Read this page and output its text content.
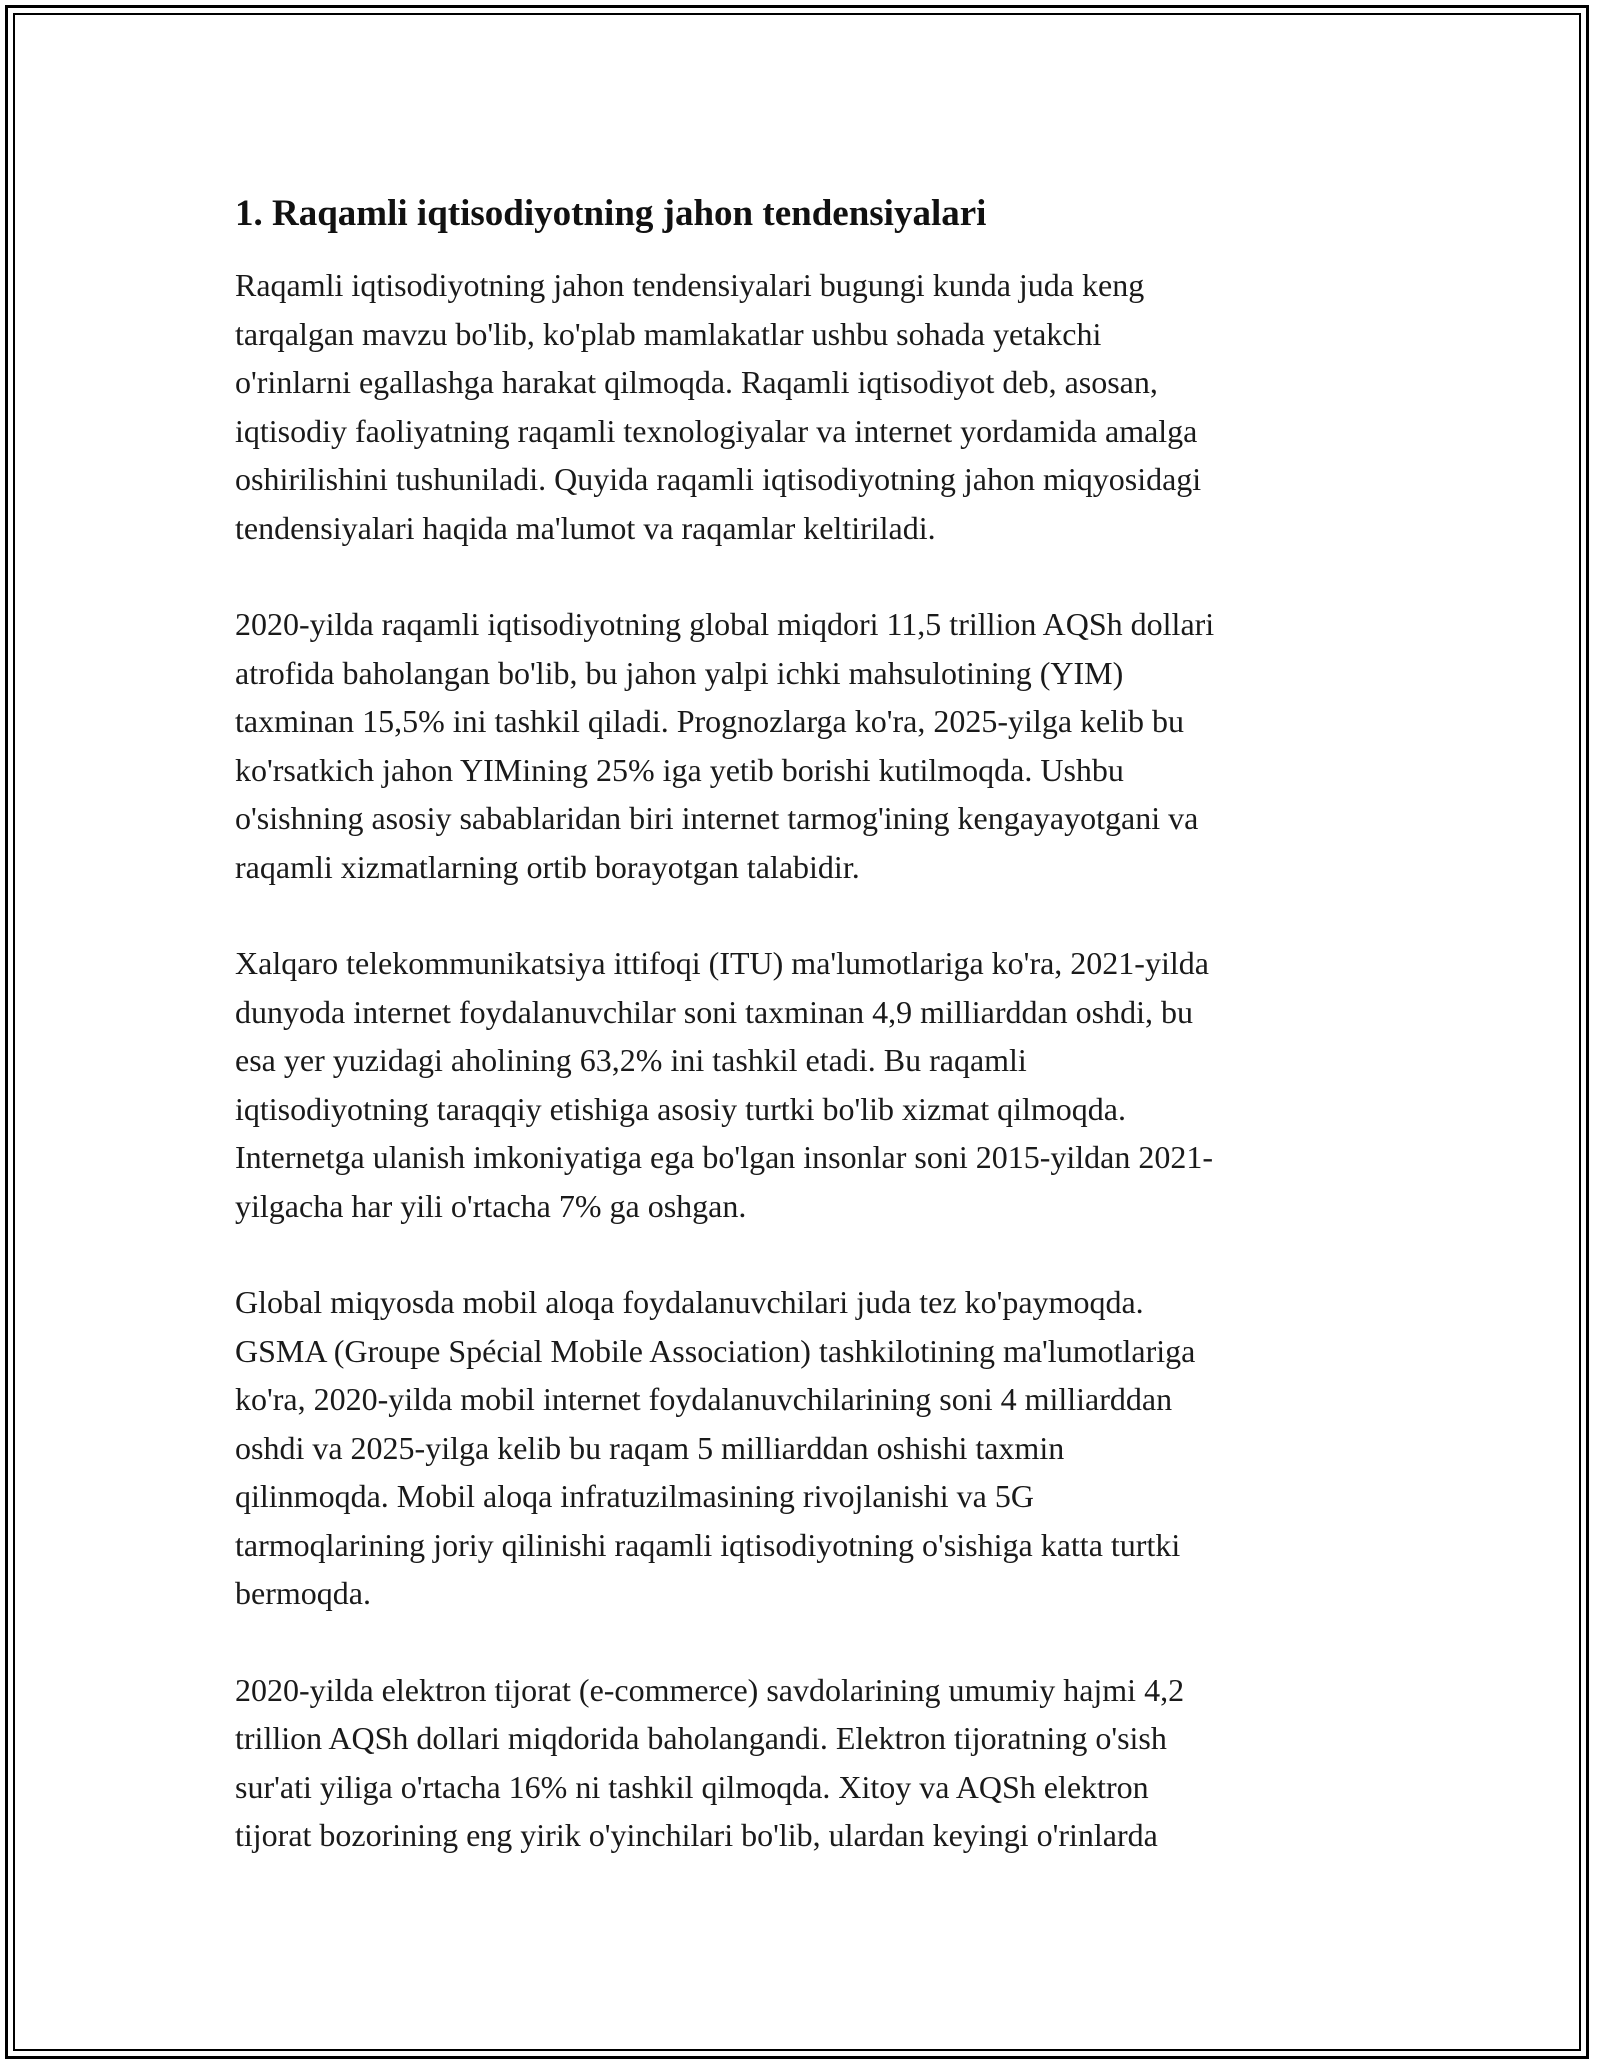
1. Raqamli iqtisodiyotning jahon tendensiyalari

Raqamli iqtisodiyotning jahon tendensiyalari bugungi kunda juda keng
tarqalgan mavzu bo'lib, ko'plab mamlakatlar ushbu sohada yetakchi
o'rinlarni egallashga harakat qilmoqda. Raqamli iqtisodiyot deb, asosan,
iqtisodiy faoliyatning raqamli texnologiyalar va internet yordamida amalga
oshirilishini tushuniladi. Quyida raqamli iqtisodiyotning jahon miqyosidagi
tendensiyalari haqida ma'lumot va raqamlar keltiriladi.

2020-yilda raqamli iqtisodiyotning global miqdori 11,5 trillion AQSh dollari
atrofida baholangan bo'lib, bu jahon yalpi ichki mahsulotining (YIM)
taxminan 15,5% ini tashkil qiladi. Prognozlarga ko'ra, 2025-yilga kelib bu
ko'rsatkich jahon YIMining 25% iga yetib borishi kutilmoqda. Ushbu
o'sishning asosiy sabablaridan biri internet tarmog'ining kengayayotgani va
raqamli xizmatlarning ortib borayotgan talabidir.

Xalqaro telekommunikatsiya ittifoqi (ITU) ma'lumotlariga ko'ra, 2021-yilda
dunyoda internet foydalanuvchilar soni taxminan 4,9 milliarddan oshdi, bu
esa yer yuzidagi aholining 63,2% ini tashkil etadi. Bu raqamli
iqtisodiyotning taraqqiy etishiga asosiy turtki bo'lib xizmat qilmoqda.
Internetga ulanish imkoniyatiga ega bo'lgan insonlar soni 2015-yildan 2021-
yilgacha har yili o'rtacha 7% ga oshgan.

Global miqyosda mobil aloqa foydalanuvchilari juda tez ko'paymoqda.
GSMA (Groupe Spécial Mobile Association) tashkilotining ma'lumotlariga
ko'ra, 2020-yilda mobil internet foydalanuvchilarining soni 4 milliarddan
oshdi va 2025-yilga kelib bu raqam 5 milliarddan oshishi taxmin
qilinmoqda. Mobil aloqa infratuzilmasining rivojlanishi va 5G
tarmoqlarining joriy qilinishi raqamli iqtisodiyotning o'sishiga katta turtki
bermoqda.

2020-yilda elektron tijorat (e-commerce) savdolarining umumiy hajmi 4,2
trillion AQSh dollari miqdorida baholangandi. Elektron tijoratning o'sish
sur'ati yiliga o'rtacha 16% ni tashkil qilmoqda. Xitoy va AQSh elektron
tijorat bozorining eng yirik o'yinchilari bo'lib, ulardan keyingi o'rinlarda
